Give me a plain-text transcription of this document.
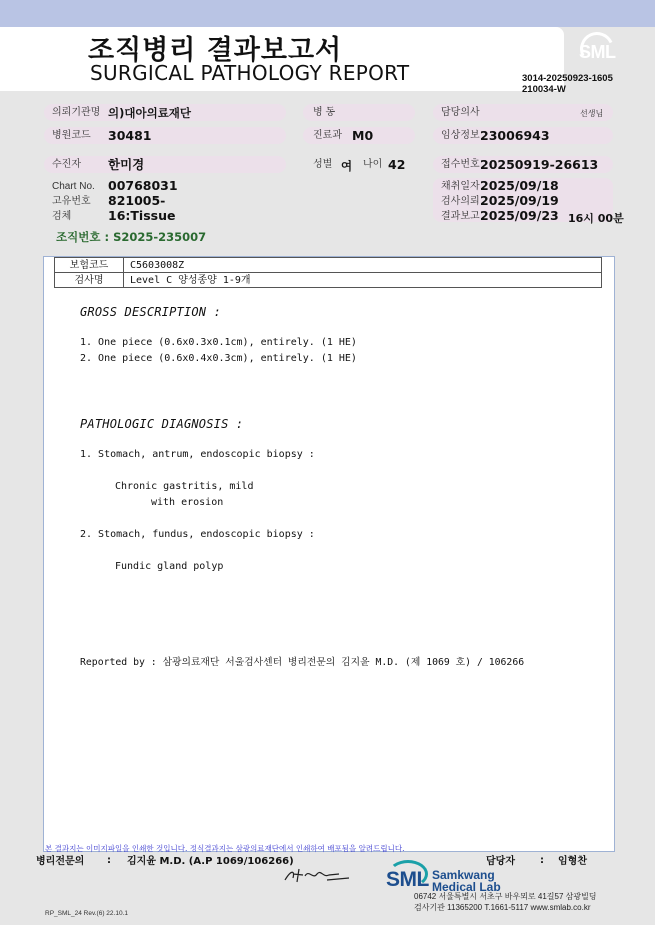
SML
조직병리 결과보고서
SURGICAL PATHOLOGY REPORT	3014-20250923-1605
210034-W
의뢰기관명 의)대아의료재단	병 동	담당의사	선생님
병원코드 30481	진료과 M0	임상정보 23006943
수진자 한미경	성별 여 나이 42	접수번호 20250919-26613
Chart No. 00768031
고유번호 821005-
검체	16:Tissue
채취일자 2025/09/18
검사의뢰 2025/09/19
결과보고 2025/09/23 16시 00분
조직번호 : S2025-235007
보험코드	C5603008Z
검사명	Level C 양성종양 1-9개
GROSS DESCRIPTION :
1. One piece (0.6x0.3x0.1cm), entirely. (1 HE)
2. One piece (0.6x0.4x0.3cm), entirely. (1 HE)
PATHOLOGIC DIAGNOSIS :
1. Stomach, antrum, endoscopic biopsy :
Chronic gastritis, mild
with erosion
2. Stomach, fundus, endoscopic biopsy :
Fundic gland polyp
Reported by : 삼광의료재단 서울검사센터 병리전문의 김지윤 M.D. (제 1069 호) / 106266
본 결과지는 이미지파일을 인쇄한 것입니다. 정식결과지는 삼광의료재단에서 인쇄하여 배포됨을 알려드립니다.
병리전문의 : 김지윤 M.D. (A.P 1069/106266)	담당자	: 임형찬
SML Samkwang
Medical Lab
06742 서울특별시 서초구 바우뫼로 41길57 삼광빌딩
검사기관 11365200 T.1661-5117 www.smlab.co.kr
RP_SML_24 Rev.(6) 22.10.1
